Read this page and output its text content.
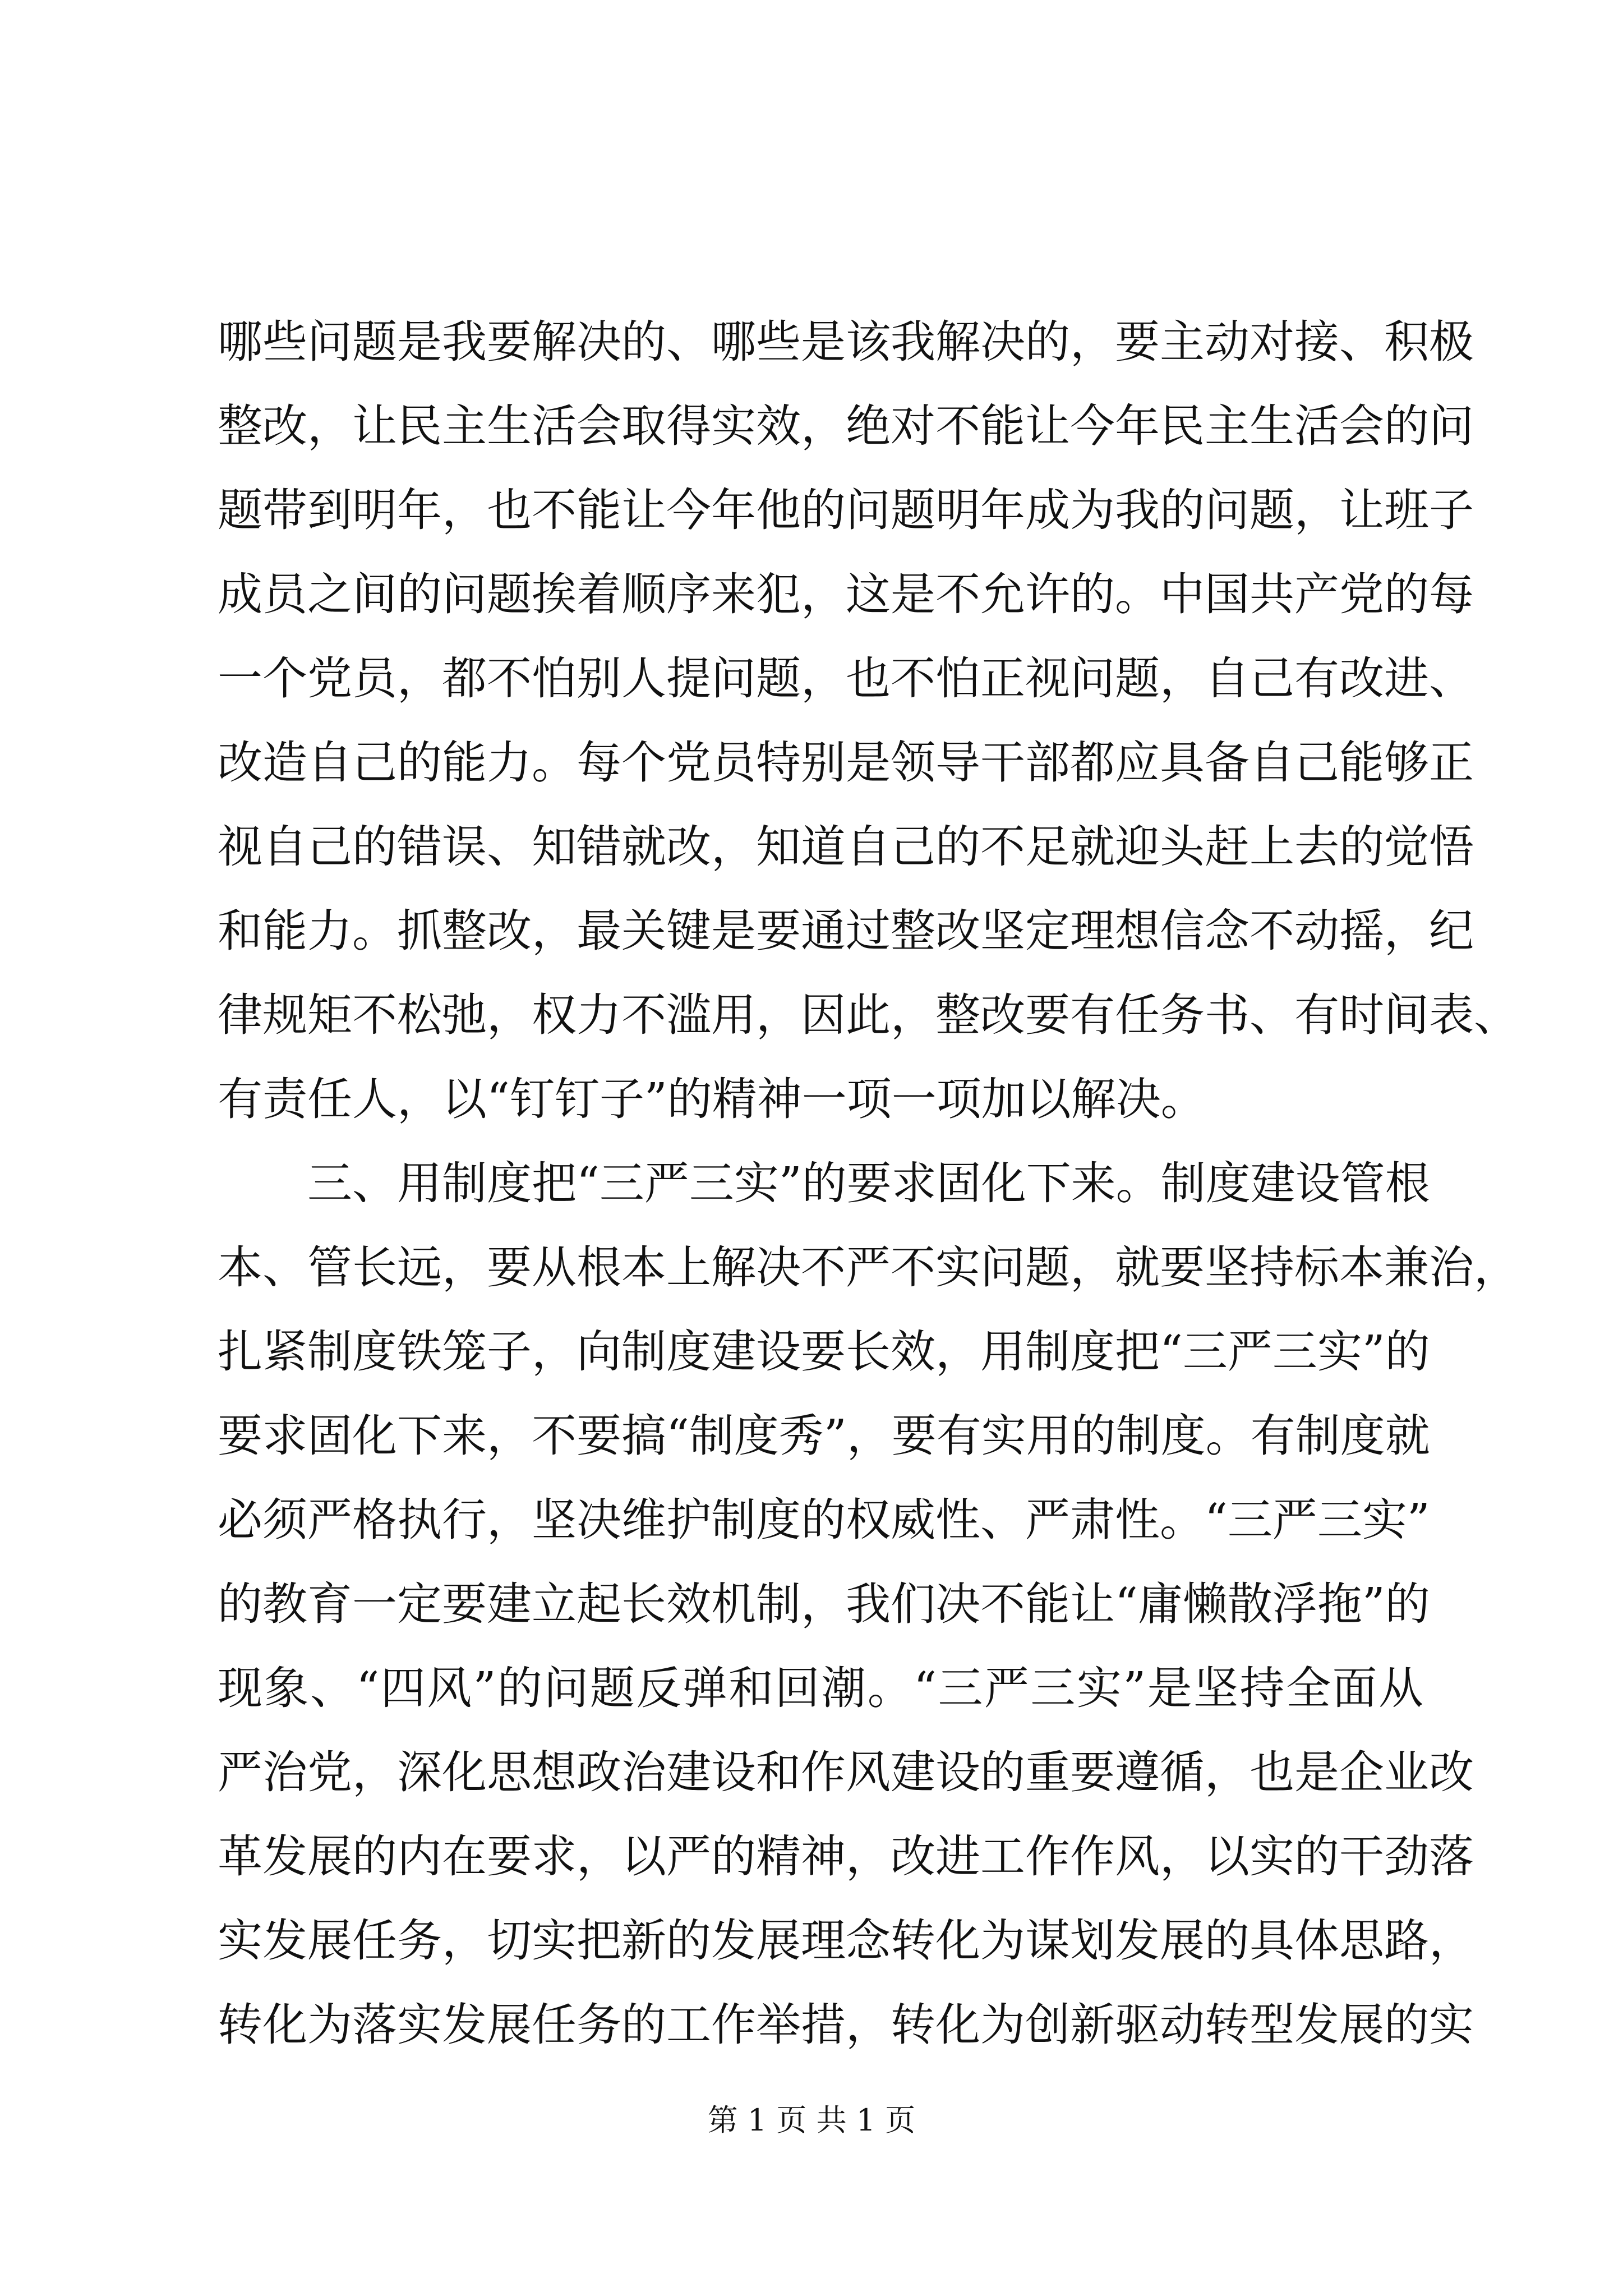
哪些问题是我要解决的、哪些是该我解决的，要主动对接、积极
整改，让民主生活会取得实效，绝对不能让今年民主生活会的问
题带到明年，也不能让今年他的问题明年成为我的问题，让班子
成员之间的问题挨着顺序来犯，这是不允许的。中国共产党的每
一个党员，都不怕别人提问题，也不怕正视问题，自己有改进、
改造自己的能力。每个党员特别是领导干部都应具备自己能够正
视自己的错误、知错就改，知道自己的不足就迎头赶上去的觉悟
和能力。抓整改，最关键是要通过整改坚定理想信念不动摇，纪
律规矩不松弛，权力不滥用，因此，整改要有任务书、有时间表、
有责任人，以“钉钉子”的精神一项一项加以解决。
　　三、用制度把“三严三实”的要求固化下来。制度建设管根
本、管长远，要从根本上解决不严不实问题，就要坚持标本兼治，
扎紧制度铁笼子，向制度建设要长效，用制度把“三严三实”的
要求固化下来，不要搞“制度秀”，要有实用的制度。有制度就
必须严格执行，坚决维护制度的权威性、严肃性。“三严三实”
的教育一定要建立起长效机制，我们决不能让“庸懒散浮拖”的
现象、“四风”的问题反弹和回潮。“三严三实”是坚持全面从
严治党，深化思想政治建设和作风建设的重要遵循，也是企业改
革发展的内在要求，以严的精神，改进工作作风，以实的干劲落
实发展任务，切实把新的发展理念转化为谋划发展的具体思路，
转化为落实发展任务的工作举措，转化为创新驱动转型发展的实
第 1 页 共 1 页
